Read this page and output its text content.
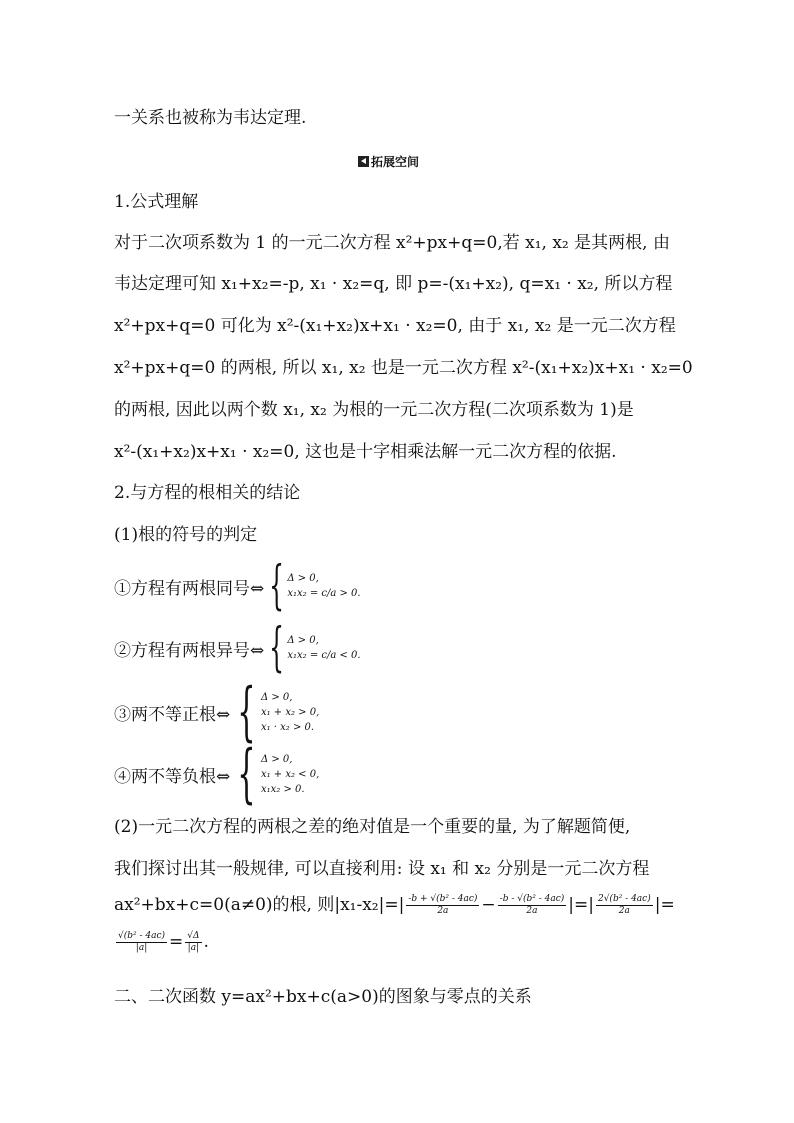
一关系也被称为韦达定理.
拓展空间
1.公式理解
对于二次项系数为 1 的一元二次方程 x²+px+q=0,若 x₁, x₂ 是其两根, 由
韦达定理可知 x₁+x₂=-p, x₁ · x₂=q, 即 p=-(x₁+x₂), q=x₁ · x₂, 所以方程
x²+px+q=0 可化为 x²-(x₁+x₂)x+x₁ · x₂=0, 由于 x₁, x₂ 是一元二次方程
x²+px+q=0 的两根, 所以 x₁, x₂ 也是一元二次方程 x²-(x₁+x₂)x+x₁ · x₂=0
的两根, 因此以两个数 x₁, x₂ 为根的一元二次方程(二次项系数为 1)是
x²-(x₁+x₂)x+x₁ · x₂=0, 这也是十字相乘法解一元二次方程的依据.
2.与方程的根相关的结论
(1)根的符号的判定
①方程有两根同号⇔ { Δ > 0,
x₁x₂ = c/a > 0.
②方程有两根异号⇔ { Δ > 0,
x₁x₂ = c/a < 0.
③两不等正根⇔ { Δ > 0,
x₁ + x₂ > 0,
x₁ · x₂ > 0.
④两不等负根⇔ { Δ > 0,
x₁ + x₂ < 0,
x₁x₂ > 0.
(2)一元二次方程的两根之差的绝对值是一个重要的量, 为了解题简便,
我们探讨出其一般规律, 可以直接利用: 设 x₁ 和 x₂ 分别是一元二次方程
ax²+bx+c=0(a≠0)的根, 则$|x_1-x_2|=| \frac{\text{-b + √(b² - 4ac)}}{2a} - \frac{\text{-b - √(b² - 4ac)}}{2a}$ |=| $\frac{\text{2√(b² - 4ac)}}{2a}$ |=
$\frac{\text{√(b² - 4ac)}}{|a|} = \frac{√\Delta}{|a|}$ .
二、二次函数 y=ax²+bx+c(a>0)的图象与零点的关系
